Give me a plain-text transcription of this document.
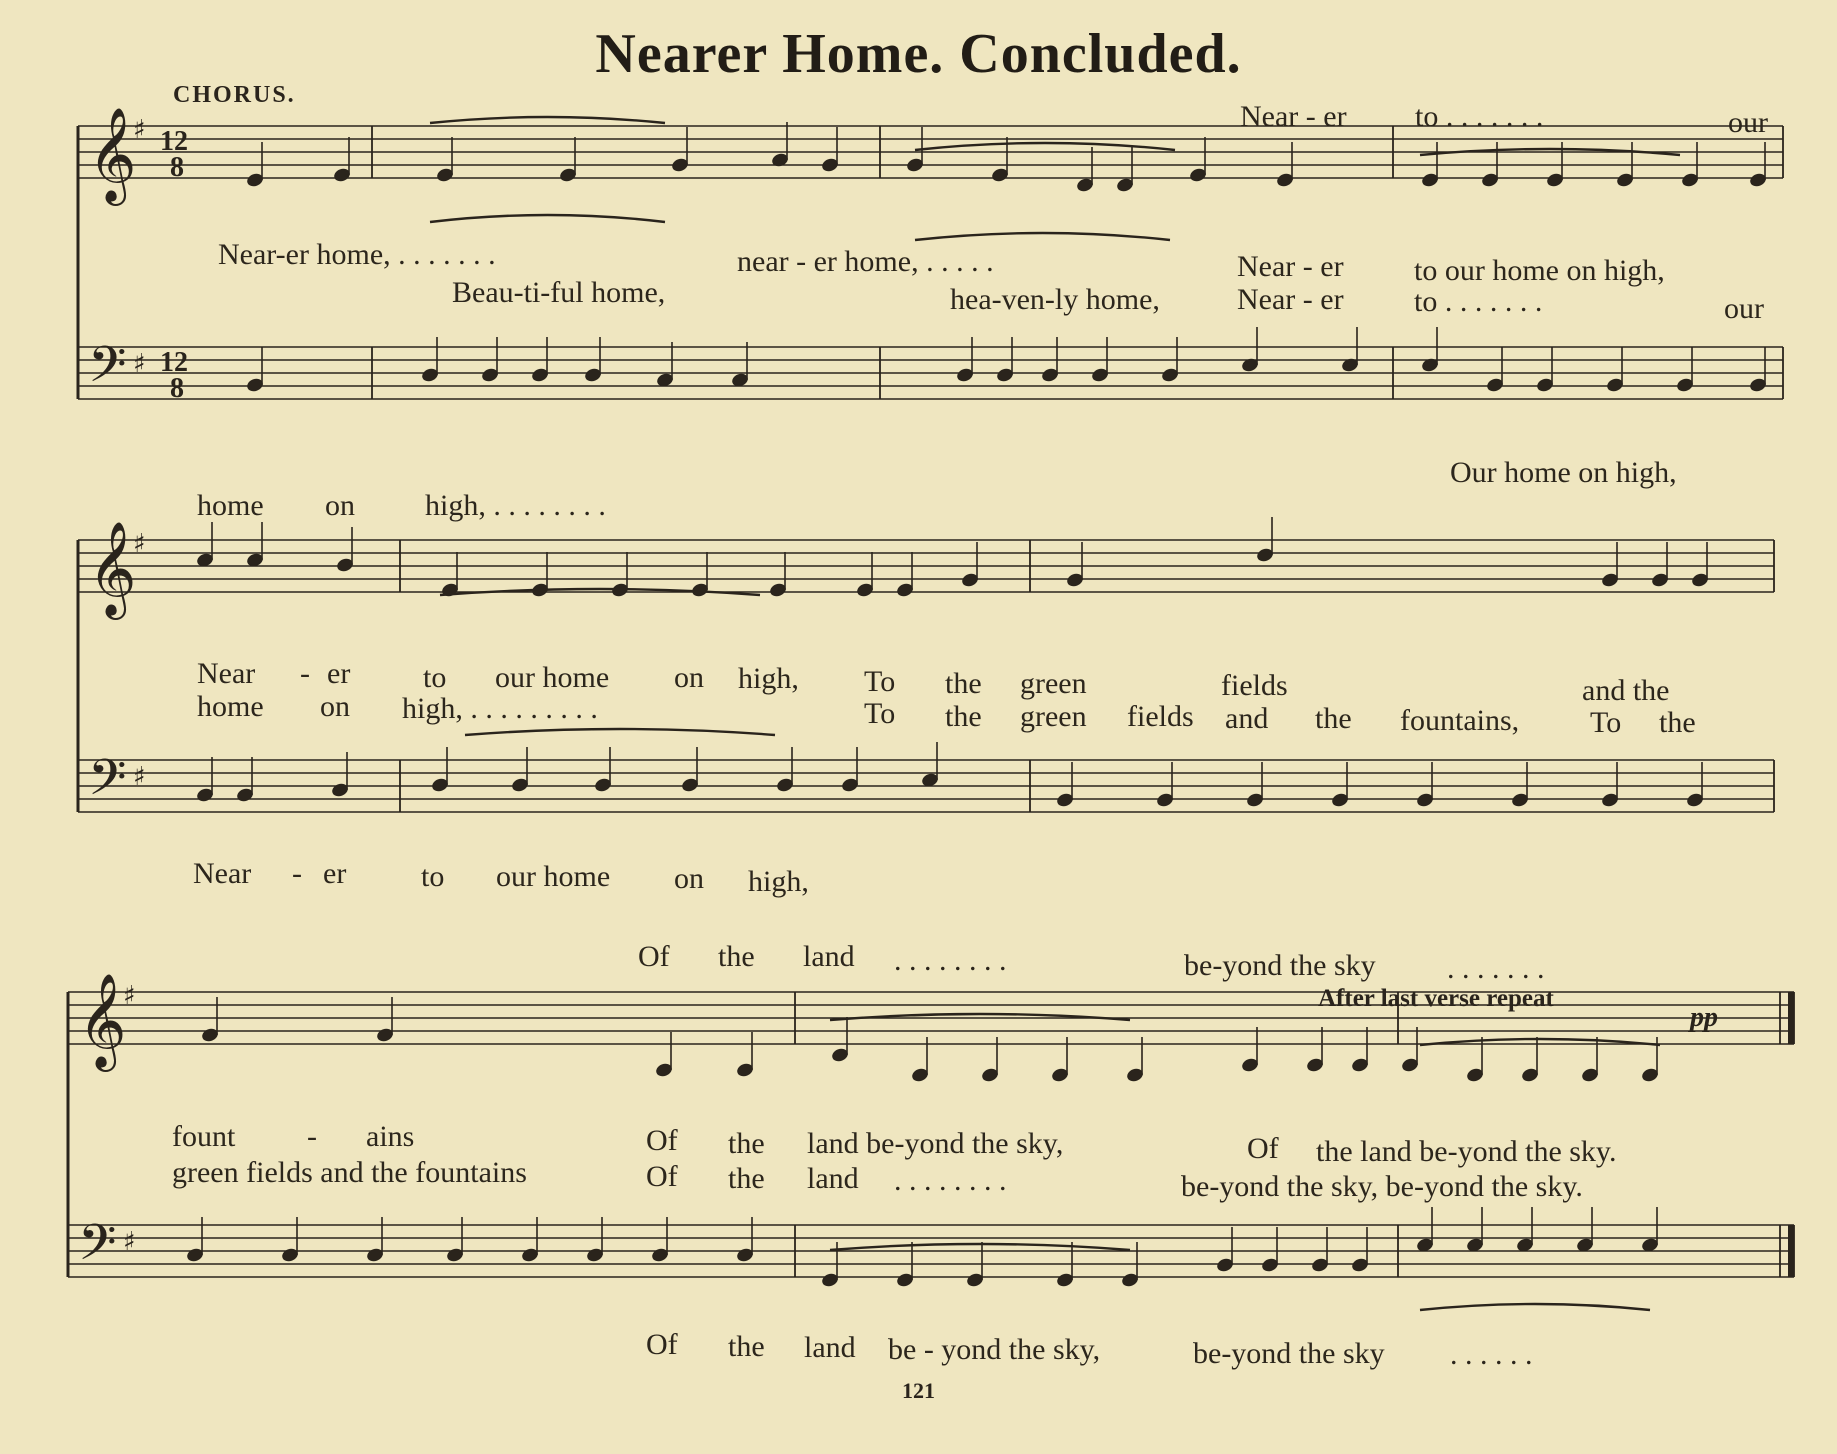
Nearer Home. Concluded.
CHORUS.
𝄞
𝄢
♯
♯
12
8
12
8
𝄞
𝄢
♯
♯
𝄞
𝄢
♯
♯
Near - er to . . . . . . .	our
Near-er home, . . . . . . .	near - er home, . . . . .	Near - er to our home on high,
Beau-ti-ful home,	hea-ven-ly home,	Near - er to . . . . . . .	our
Our home on high,
home on high, . . . . . . . .
Near - er to our home on high, To the green	fields	and the
home on high, . . . . . . . . .	To the green fields and the fountains, To the
Near - er to our home on high,
Of the land . . . . . . . .	be-yond the sky . . . . . . .
fount - ains	Of the land be-yond the sky,	Of the land be-yond the sky.
green fields and the fountains	Of the land . . . . . . . .	be-yond the sky, be-yond the sky.
Of the land be - yond the sky,	be-yond the sky . . . . . .
After last verse repeat
pp
121
